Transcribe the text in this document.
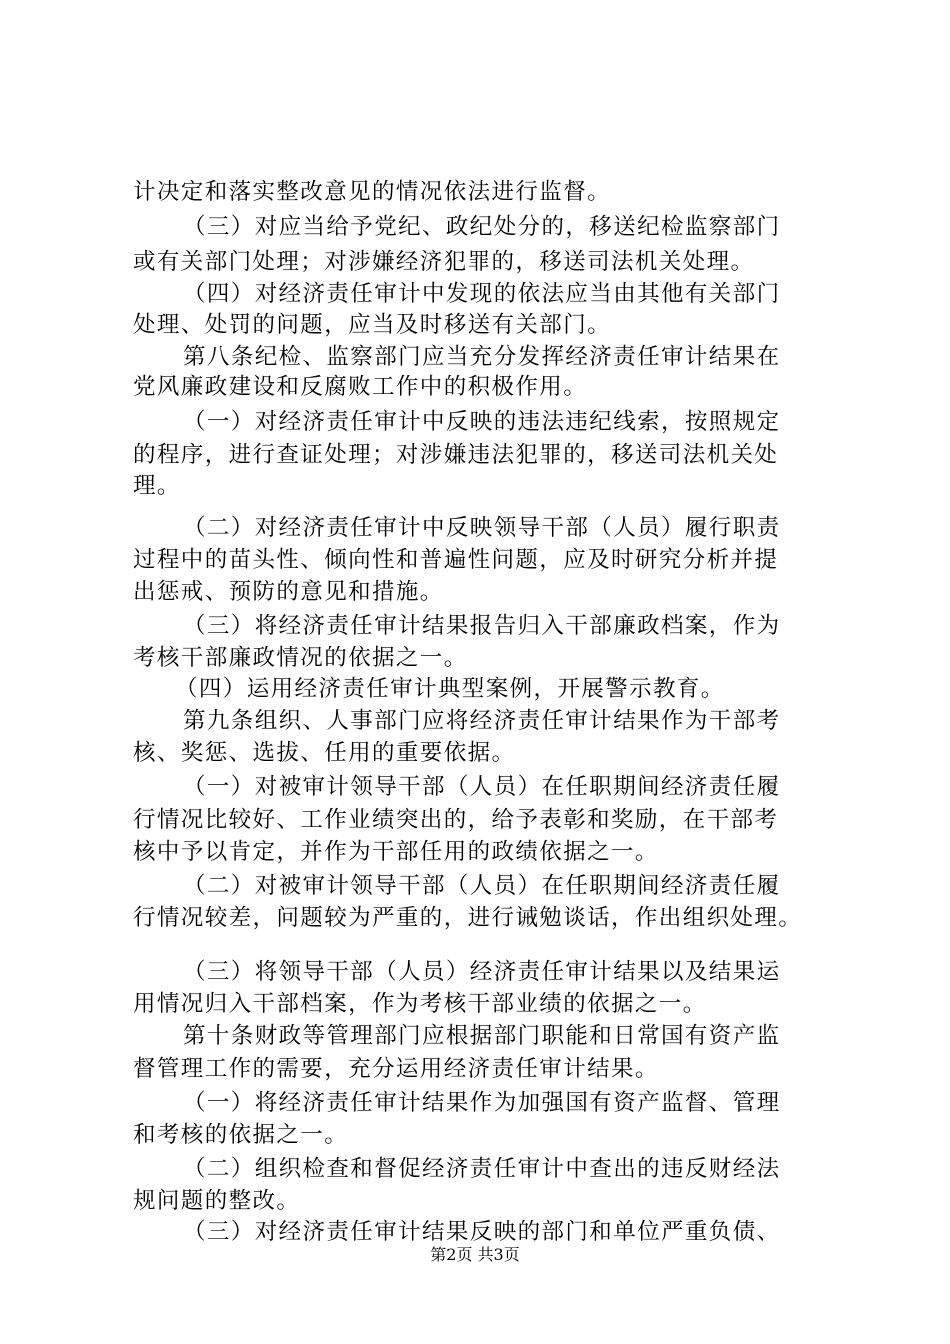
计决定和落实整改意见的情况依法进行监督。
（三）对应当给予党纪、政纪处分的，移送纪检监察部门
或有关部门处理；对涉嫌经济犯罪的，移送司法机关处理。
（四）对经济责任审计中发现的依法应当由其他有关部门
处理、处罚的问题，应当及时移送有关部门。
第八条纪检、监察部门应当充分发挥经济责任审计结果在
党风廉政建设和反腐败工作中的积极作用。
（一）对经济责任审计中反映的违法违纪线索，按照规定
的程序，进行查证处理；对涉嫌违法犯罪的，移送司法机关处
理。
（二）对经济责任审计中反映领导干部（人员）履行职责
过程中的苗头性、倾向性和普遍性问题，应及时研究分析并提
出惩戒、预防的意见和措施。
（三）将经济责任审计结果报告归入干部廉政档案，作为
考核干部廉政情况的依据之一。
（四）运用经济责任审计典型案例，开展警示教育。
第九条组织、人事部门应将经济责任审计结果作为干部考
核、奖惩、选拔、任用的重要依据。
（一）对被审计领导干部（人员）在任职期间经济责任履
行情况比较好、工作业绩突出的，给予表彰和奖励，在干部考
核中予以肯定，并作为干部任用的政绩依据之一。
（二）对被审计领导干部（人员）在任职期间经济责任履
行情况较差，问题较为严重的，进行诫勉谈话，作出组织处理。
（三）将领导干部（人员）经济责任审计结果以及结果运
用情况归入干部档案，作为考核干部业绩的依据之一。
第十条财政等管理部门应根据部门职能和日常国有资产监
督管理工作的需要，充分运用经济责任审计结果。
（一）将经济责任审计结果作为加强国有资产监督、管理
和考核的依据之一。
（二）组织检查和督促经济责任审计中查出的违反财经法
规问题的整改。
（三）对经济责任审计结果反映的部门和单位严重负债、
第2页 共3页
